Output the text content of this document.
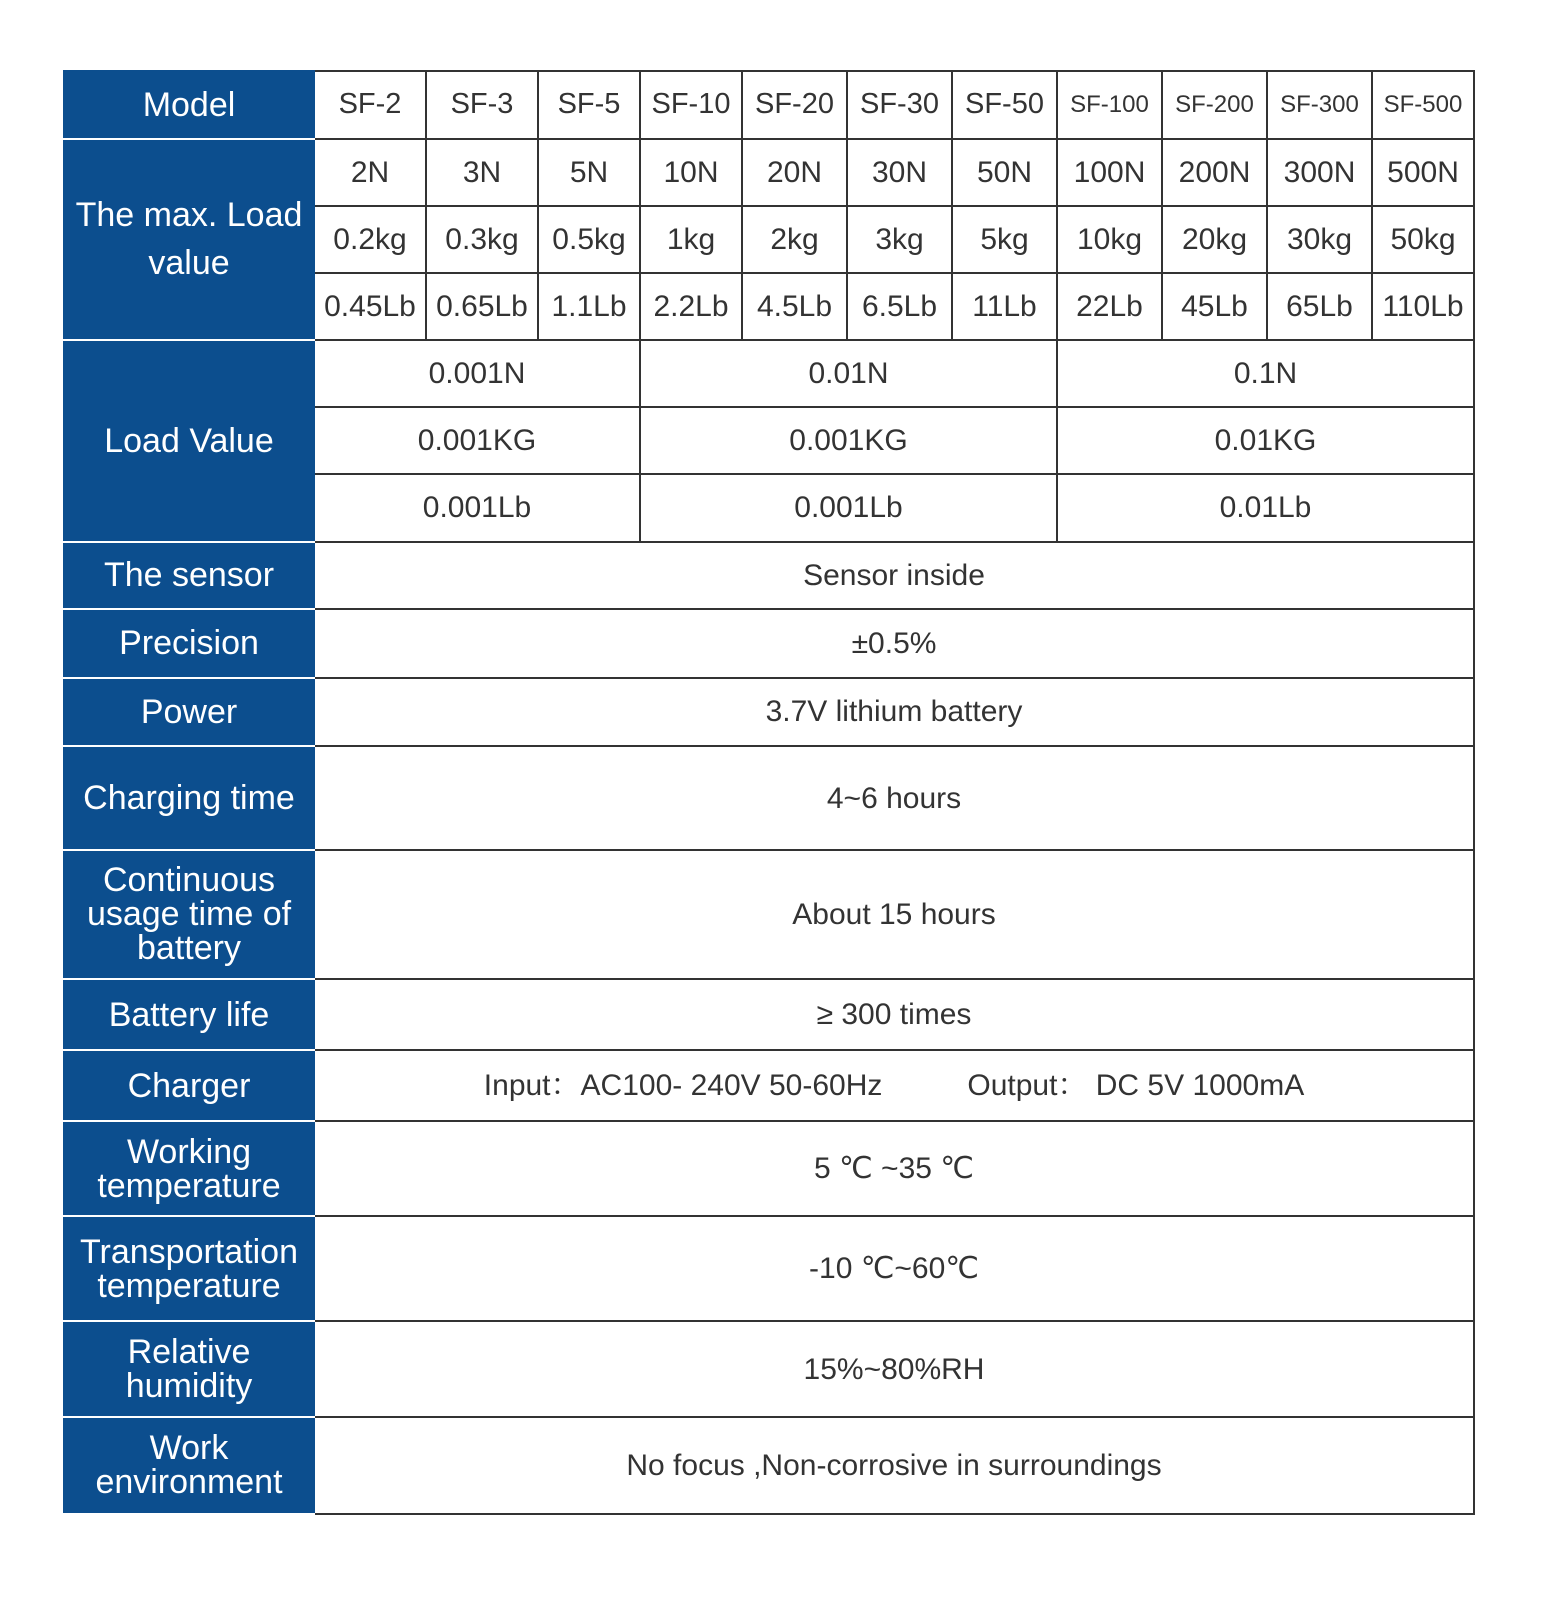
Model	SF-2	SF-3	SF-5	SF-10	SF-20	SF-30	SF-50	SF-100	SF-200	SF-300	SF-500
The max. Load value	2N	3N	5N	10N	20N	30N	50N	100N	200N	300N	500N
	0.2kg	0.3kg	0.5kg	1kg	2kg	3kg	5kg	10kg	20kg	30kg	50kg
	0.45Lb	0.65Lb	1.1Lb	2.2Lb	4.5Lb	6.5Lb	11Lb	22Lb	45Lb	65Lb	110Lb
Load Value	0.001N			0.01N				0.1N			
	0.001KG			0.001KG				0.01KG			
	0.001Lb			0.001Lb				0.01Lb			
The sensor	Sensor inside										
Precision	±0.5%										
Power	3.7V lithium battery										
Charging time	4~6 hours										
Continuous usage time of battery	About 15 hours										
Battery life	≥ 300 times										
Charger	Input：AC100- 240V 50-60Hz Output： DC 5V 1000mA										
Working temperature	5 ℃ ~35 ℃										
Transportation temperature	-10 ℃~60℃										
Relative humidity	15%~80%RH										
Work environment	No focus ,Non-corrosive in surroundings										
